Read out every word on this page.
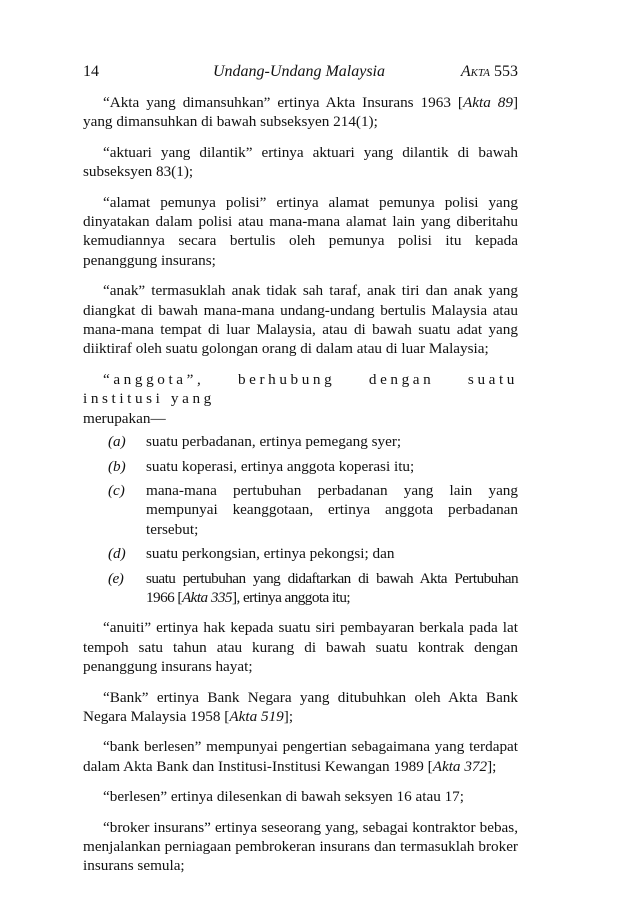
14	Undang-Undang Malaysia	Akta 553

“Akta yang dimansuhkan” ertinya Akta Insurans 1963 [Akta 89] yang dimansuhkan di bawah subseksyen 214(1);

“aktuari yang dilantik” ertinya aktuari yang dilantik di bawah subseksyen 83(1);

“alamat pemunya polisi” ertinya alamat pemunya polisi yang dinyatakan dalam polisi atau mana-mana alamat lain yang diberitahu kemudiannya secara bertulis oleh pemunya polisi itu kepada penanggung insurans;

“anak” termasuklah anak tidak sah taraf, anak tiri dan anak yang diangkat di bawah mana-mana undang-undang bertulis Malaysia atau mana-mana tempat di luar Malaysia, atau di bawah suatu adat yang diiktiraf oleh suatu golongan orang di dalam atau di luar Malaysia;

“anggota”, berhubung dengan suatu institusi yang
merupakan—

(a) suatu perbadanan, ertinya pemegang syer;
(b) suatu koperasi, ertinya anggota koperasi itu;
(c) mana-mana pertubuhan perbadanan yang lain yang mempunyai keanggotaan, ertinya anggota perbadanan tersebut;
(d) suatu perkongsian, ertinya pekongsi; dan
(e) suatu pertubuhan yang didaftarkan di bawah Akta Pertubuhan 1966 [Akta 335], ertinya anggota itu;

“anuiti” ertinya hak kepada suatu siri pembayaran berkala pada lat tempoh satu tahun atau kurang di bawah suatu kontrak dengan penanggung insurans hayat;

“Bank” ertinya Bank Negara yang ditubuhkan oleh Akta Bank Negara Malaysia 1958 [Akta 519];

“bank berlesen” mempunyai pengertian sebagaimana yang terdapat dalam Akta Bank dan Institusi-Institusi Kewangan 1989 [Akta 372];

“berlesen” ertinya dilesenkan di bawah seksyen 16 atau 17;

“broker insurans” ertinya seseorang yang, sebagai kontraktor bebas, menjalankan perniagaan pembrokeran insurans dan termasuklah broker insurans semula;
